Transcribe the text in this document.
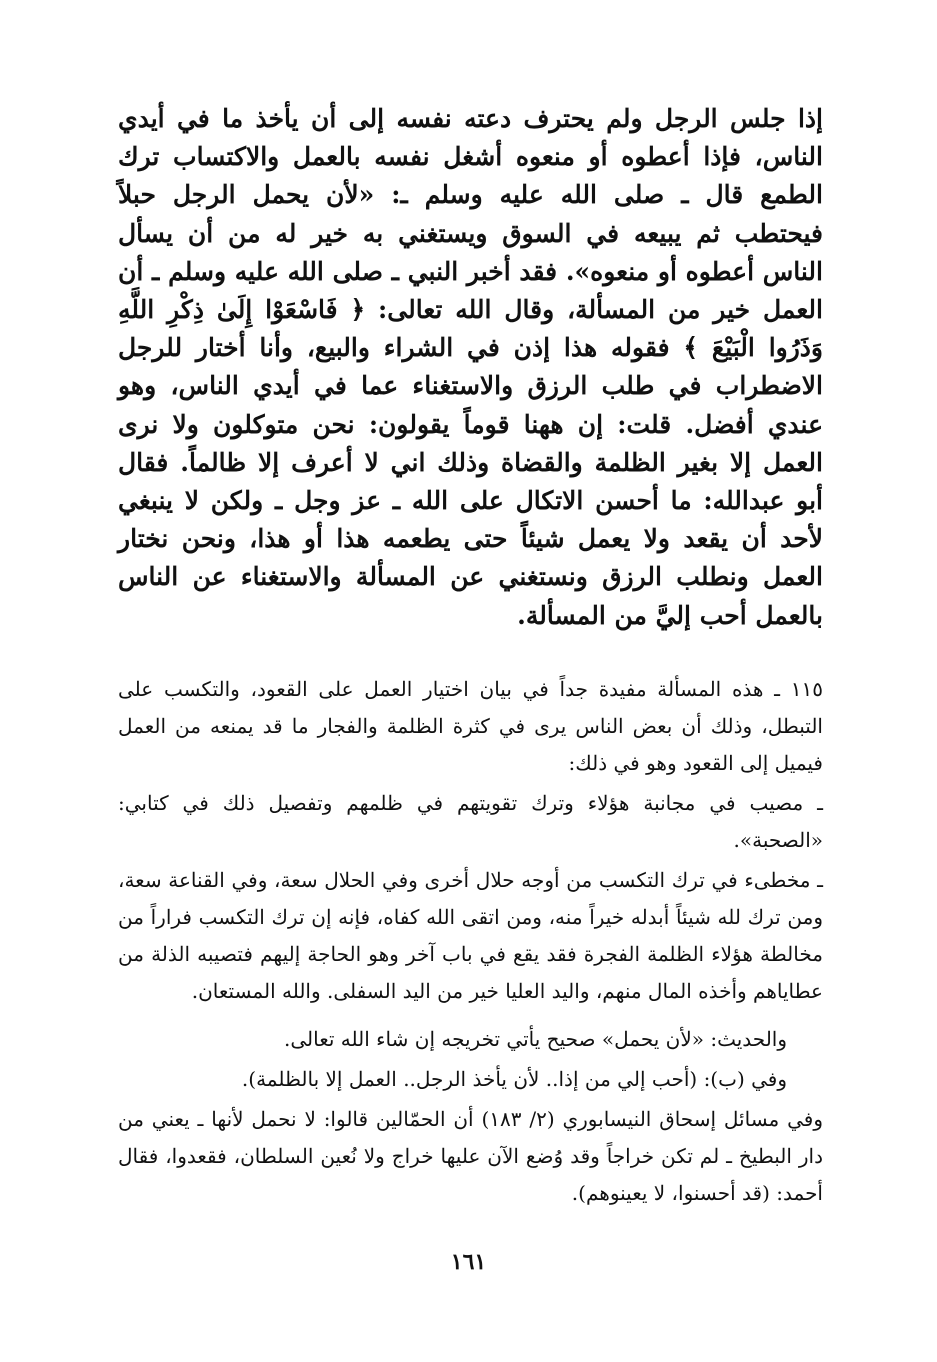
إذا جلس الرجل ولم يحترف دعته نفسه إلى أن يأخذ ما في أيدي الناس، فإذا أعطوه أو منعوه أشغل نفسه بالعمل والاكتساب ترك الطمع قال ـ صلى الله عليه وسلم ـ: «لأن يحمل الرجل حبلاً فيحتطب ثم يبيعه في السوق ويستغني به خير له من أن يسأل الناس أعطوه أو منعوه». فقد أخبر النبي ـ صلى الله عليه وسلم ـ أن العمل خير من المسألة، وقال الله تعالى: ﴿ فَاسْعَوْا إِلَىٰ ذِكْرِ اللَّهِ وَذَرُوا الْبَيْعَ ﴾ فقوله هذا إذن في الشراء والبيع، وأنا أختار للرجل الاضطراب في طلب الرزق والاستغناء عما في أيدي الناس، وهو عندي أفضل. قلت: إن ههنا قوماً يقولون: نحن متوكلون ولا نرى العمل إلا بغير الظلمة والقضاة وذلك اني لا أعرف إلا ظالماً. فقال أبو عبدالله: ما أحسن الاتكال على الله ـ عز وجل ـ ولكن لا ينبغي لأحد أن يقعد ولا يعمل شيئاً حتى يطعمه هذا أو هذا، ونحن نختار العمل ونطلب الرزق ونستغني عن المسألة والاستغناء عن الناس بالعمل أحب إليَّ من المسألة.

١١٥ ـ هذه المسألة مفيدة جداً في بيان اختيار العمل على القعود، والتكسب على التبطل، وذلك أن بعض الناس يرى في كثرة الظلمة والفجار ما قد يمنعه من العمل فيميل إلى القعود وهو في ذلك:

ـ مصيب في مجانبة هؤلاء وترك تقويتهم في ظلمهم وتفصيل ذلك في كتابي: «الصحبة».

ـ مخطىء في ترك التكسب من أوجه حلال أخرى وفي الحلال سعة، وفي القناعة سعة، ومن ترك لله شيئاً أبدله خيراً منه، ومن اتقى الله كفاه، فإنه إن ترك التكسب فراراً من مخالطة هؤلاء الظلمة الفجرة فقد يقع في باب آخر وهو الحاجة إليهم فتصيبه الذلة من عطاياهم وأخذه المال منهم، واليد العليا خير من اليد السفلى. والله المستعان.

والحديث: «لأن يحمل» صحيح يأتي تخريجه إن شاء الله تعالى.

وفي (ب): (أحب إلي من إذا.. لأن يأخذ الرجل.. العمل إلا بالظلمة).

وفي مسائل إسحاق النيسابوري (٢/ ١٨٣) أن الحمّالين قالوا: لا نحمل لأنها ـ يعني من دار البطيخ ـ لم تكن خراجاً وقد وُضع الآن عليها خراج ولا نُعين السلطان، فقعدوا، فقال أحمد: (قد أحسنوا، لا يعينوهم).

١٦١
